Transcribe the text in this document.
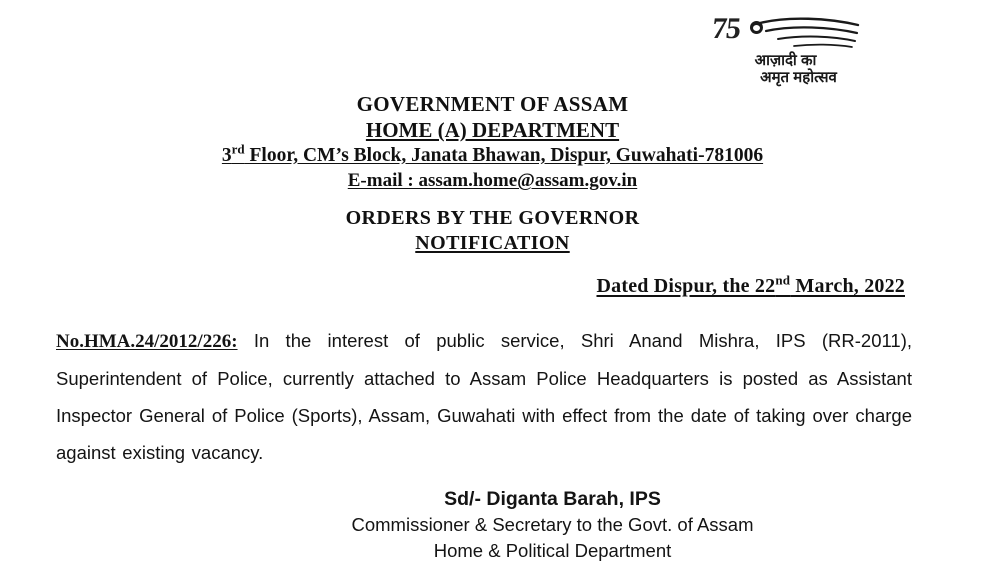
75
आज़ादी का
अमृत महोत्सव
GOVERNMENT OF ASSAM
HOME (A) DEPARTMENT
3rd Floor, CM’s Block, Janata Bhawan, Dispur, Guwahati-781006
E-mail : assam.home@assam.gov.in
ORDERS BY THE GOVERNOR
NOTIFICATION
Dated Dispur, the 22nd March, 2022
No.HMA.24/2012/226: In the interest of public service, Shri Anand Mishra, IPS (RR-2011), Superintendent of Police, currently attached to Assam Police Headquarters is posted as Assistant Inspector General of Police (Sports), Assam, Guwahati with effect from the date of taking over charge against existing vacancy.
Sd/- Diganta Barah, IPS
Commissioner & Secretary to the Govt. of Assam
Home & Political Department
